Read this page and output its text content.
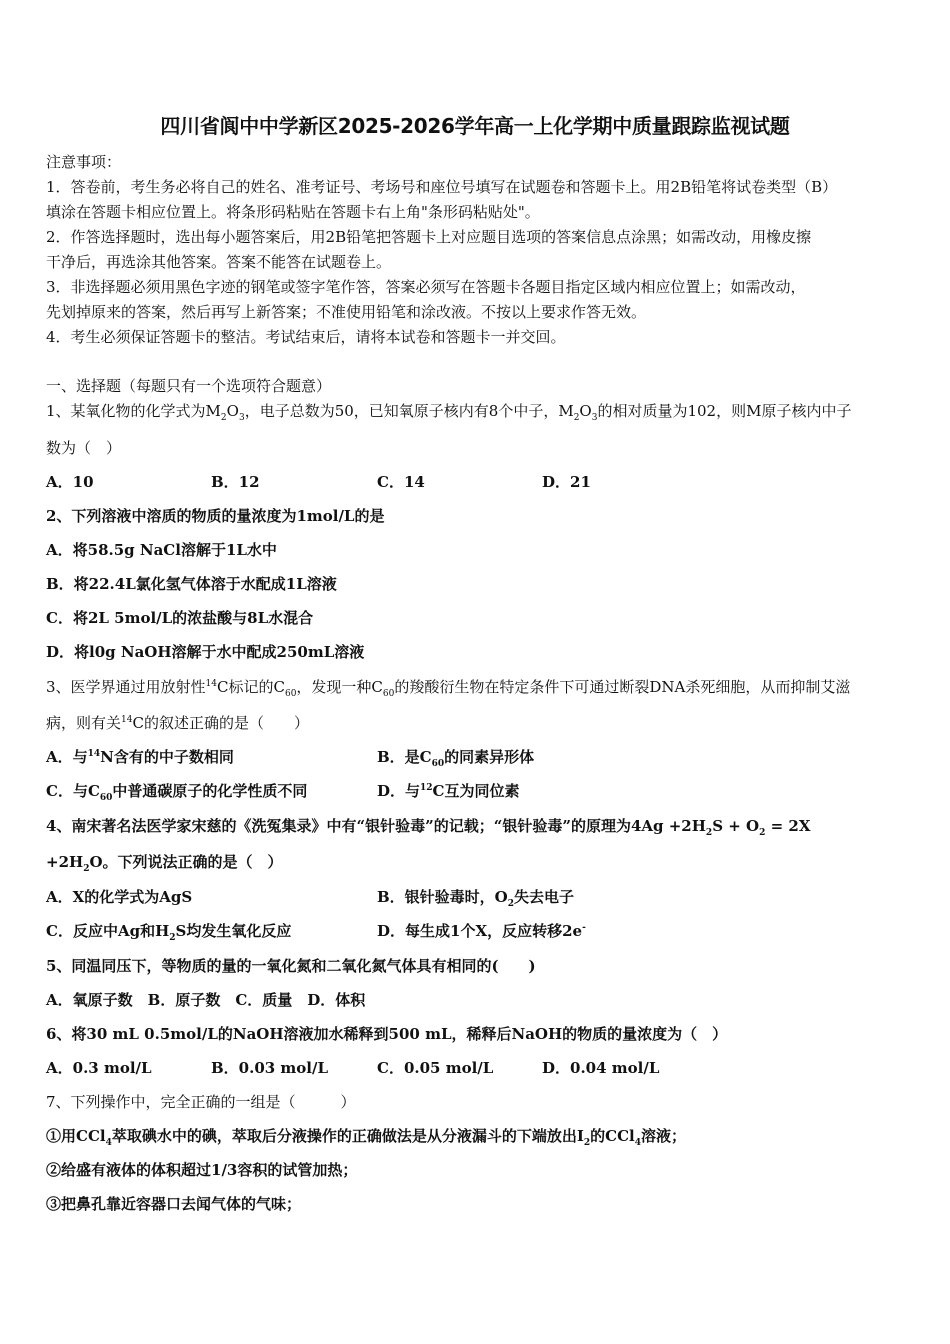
四川省阆中中学新区2025-2026学年高一上化学期中质量跟踪监视试题
注意事项：
1．答卷前，考生务必将自己的姓名、准考证号、考场号和座位号填写在试题卷和答题卡上。用2B铅笔将试卷类型（B）
填涂在答题卡相应位置上。将条形码粘贴在答题卡右上角"条形码粘贴处"。
2．作答选择题时，选出每小题答案后，用2B铅笔把答题卡上对应题目选项的答案信息点涂黑；如需改动，用橡皮擦
干净后，再选涂其他答案。答案不能答在试题卷上。
3．非选择题必须用黑色字迹的钢笔或签字笔作答，答案必须写在答题卡各题目指定区域内相应位置上；如需改动，
先划掉原来的答案，然后再写上新答案；不准使用铅笔和涂改液。不按以上要求作答无效。
4．考生必须保证答题卡的整洁。考试结束后，请将本试卷和答题卡一并交回。
一、选择题（每题只有一个选项符合题意）
1、某氧化物的化学式为$M_2O_3$，电子总数为50，已知氧原子核内有8个中子，$M_2O_3$的相对质量为102，则M原子核内中子
数为（　）
A．10	B．12	C．14	D．21
2、下列溶液中溶质的物质的量浓度为1mol/L的是
A．将58.5g NaCl溶解于1L水中
B．将22.4L氯化氢气体溶于水配成1L溶液
C．将2L 5mol/L的浓盐酸与8L水混合
D．将l0g NaOH溶解于水中配成250mL溶液
3、医学界通过用放射性$^{14}$C标记的$C_{60}$，发现一种$C_{60}$的羧酸衍生物在特定条件下可通过断裂DNA杀死细胞，从而抑制艾滋
病，则有关$^{14}$C的叙述正确的是（　　）
A．与$^{14}$N含有的中子数相同	B．是$C_{60}$的同素异形体
C．与$C_{60}$中普通碳原子的化学性质不同	D．与$^{12}$C互为同位素
4、南宋著名法医学家宋慈的《洗冤集录》中有“银针验毒”的记载；“银针验毒”的原理为$4Ag +2H_2S + O_2 = 2X$
$+2H_2O$。下列说法正确的是（　）
A．X的化学式为AgS	B．银针验毒时，$O_2$失去电子
C．反应中Ag和$H_2S$均发生氧化反应	D．每生成1个X，反应转移2e-
5、同温同压下，等物质的量的一氧化氮和二氧化氮气体具有相同的(　　)
A．氧原子数　B．原子数　C．质量　D．体积
6、将30 mL 0.5mol/L的NaOH溶液加水稀释到500 mL，稀释后NaOH的物质的量浓度为（　）
A．0.3 mol/L	B．0.03 mol/L	C．0.05 mol/L	D．0.04 mol/L
7、下列操作中，完全正确的一组是（　　　）
①用CCl$_4$萃取碘水中的碘，萃取后分液操作的正确做法是从分液漏斗的下端放出$I_2$的CCl$_4$溶液；
②给盛有液体的体积超过1/3容积的试管加热；
③把鼻孔靠近容器口去闻气体的气味；
